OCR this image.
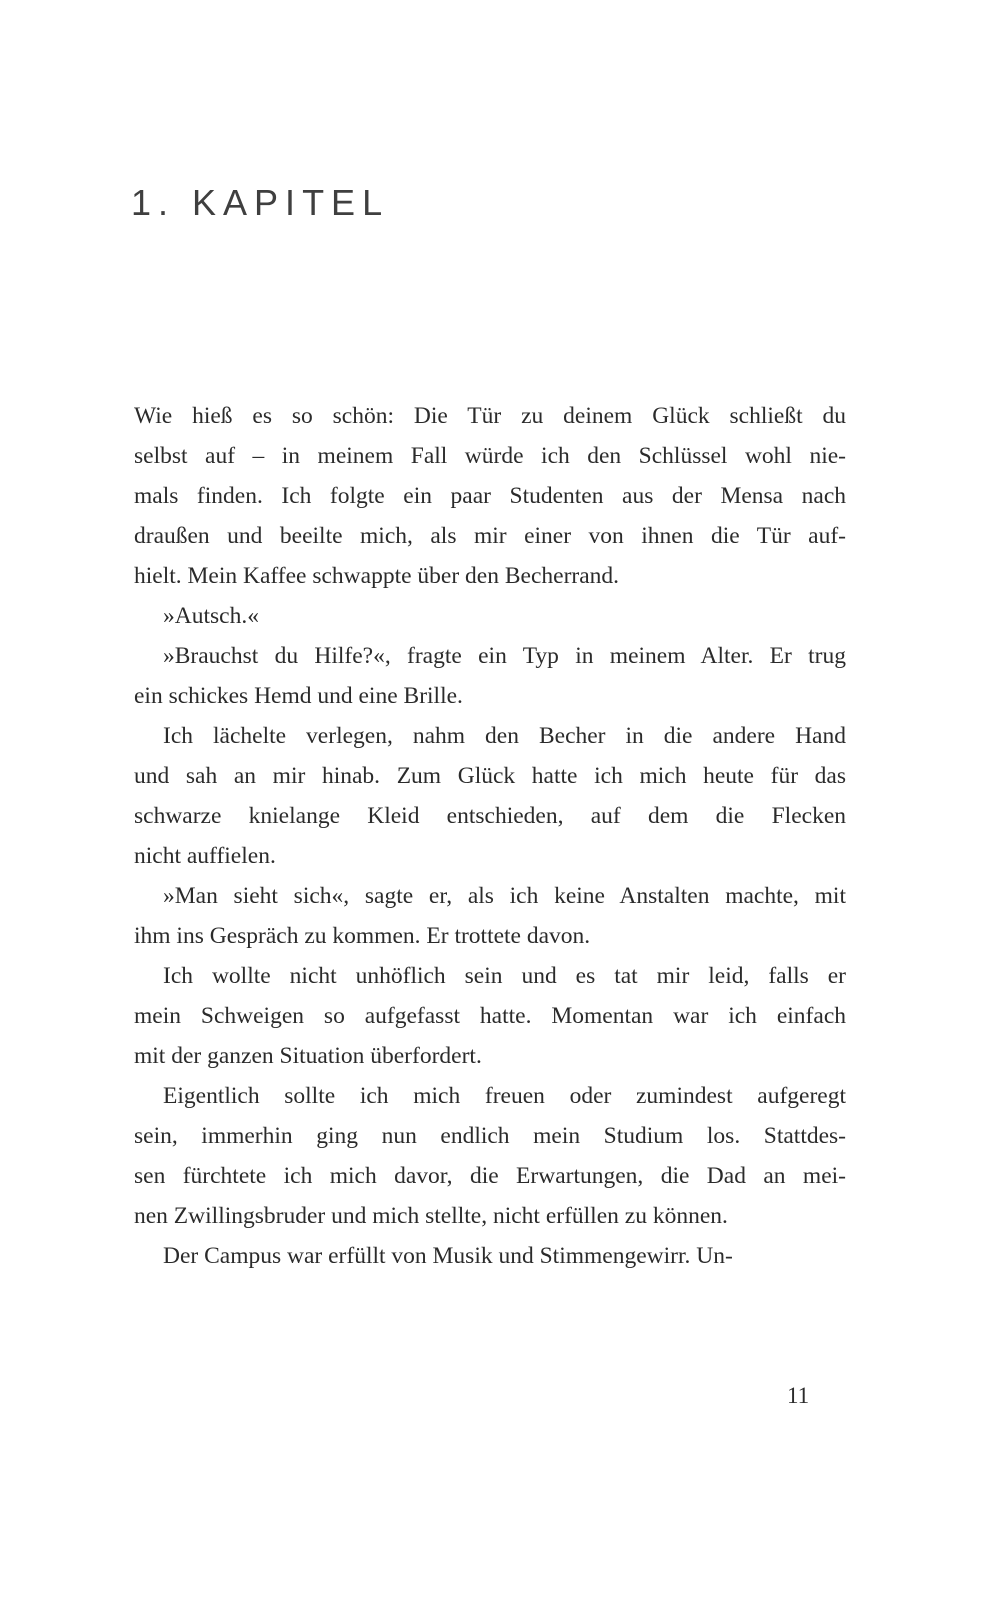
1. KAPITEL
Wie hieß es so schön: Die Tür zu deinem Glück schließt du
selbst auf – in meinem Fall würde ich den Schlüssel wohl nie-
mals finden. Ich folgte ein paar Studenten aus der Mensa nach
draußen und beeilte mich, als mir einer von ihnen die Tür auf-
hielt. Mein Kaffee schwappte über den Becherrand.
»Autsch.«
»Brauchst du Hilfe?«, fragte ein Typ in meinem Alter. Er trug
ein schickes Hemd und eine Brille.
Ich lächelte verlegen, nahm den Becher in die andere Hand
und sah an mir hinab. Zum Glück hatte ich mich heute für das
schwarze knielange Kleid entschieden, auf dem die Flecken
nicht auffielen.
»Man sieht sich«, sagte er, als ich keine Anstalten machte, mit
ihm ins Gespräch zu kommen. Er trottete davon.
Ich wollte nicht unhöflich sein und es tat mir leid, falls er
mein Schweigen so aufgefasst hatte. Momentan war ich einfach
mit der ganzen Situation überfordert.
Eigentlich sollte ich mich freuen oder zumindest aufgeregt
sein, immerhin ging nun endlich mein Studium los. Stattdes-
sen fürchtete ich mich davor, die Erwartungen, die Dad an mei-
nen Zwillingsbruder und mich stellte, nicht erfüllen zu können.
Der Campus war erfüllt von Musik und Stimmengewirr. Un-
11
